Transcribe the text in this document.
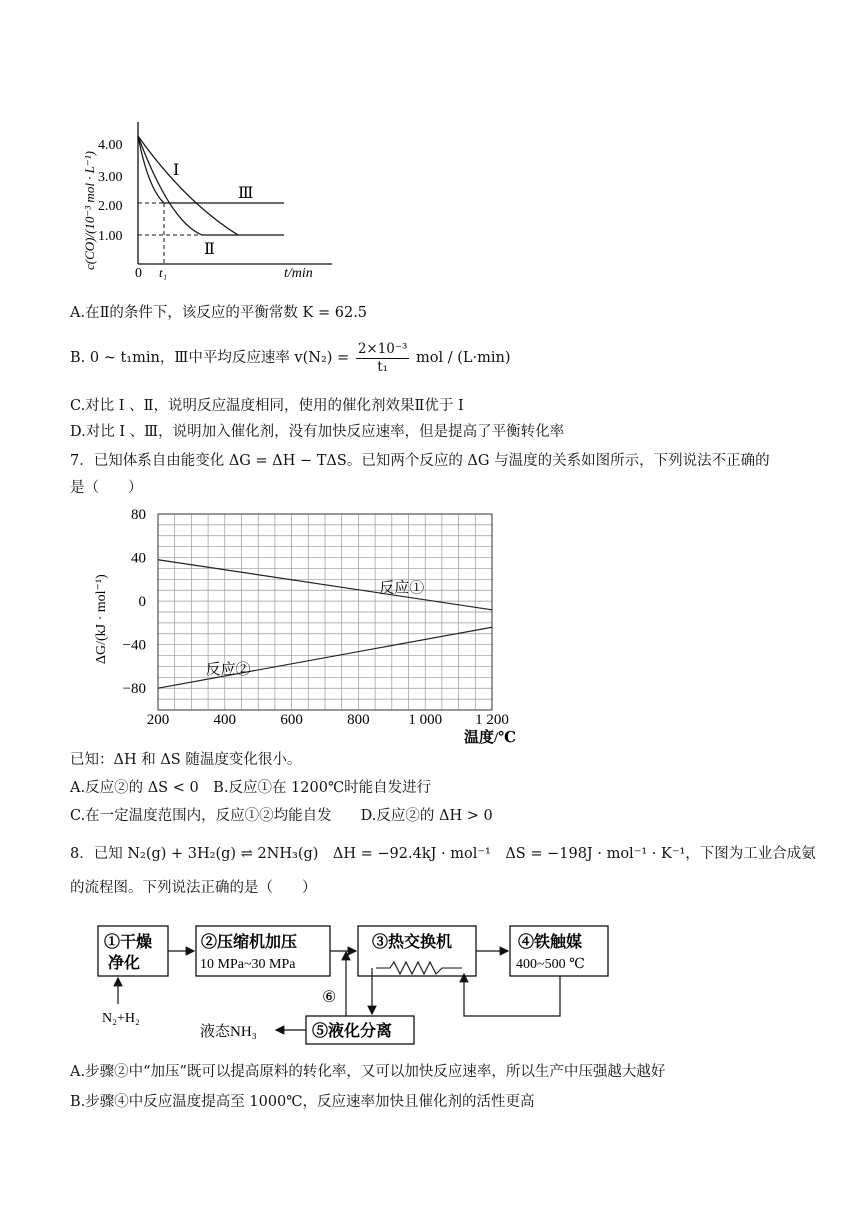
c(CO)/(10⁻³ mol · L⁻¹)
4.00
3.00
2.00
1.00
0 t₁	t/min
Ⅰ
Ⅱ
Ⅲ
A.在Ⅱ的条件下，该反应的平衡常数 K = 62.5
B. 0 ~ t₁min，Ⅲ中平均反应速率 $v(N_2) = \frac{\text{2×10⁻³}}{\text{t₁}}$ mol / (L·min)
C.对比 Ⅰ 、Ⅱ，说明反应温度相同，使用的催化剂效果Ⅱ优于 Ⅰ
D.对比 Ⅰ 、Ⅲ，说明加入催化剂，没有加快反应速率，但是提高了平衡转化率
7．已知体系自由能变化 ΔG = ΔH − TΔS。已知两个反应的 ΔG 与温度的关系如图所示，下列说法不正确的
是（　　）
ΔG/(kJ · mol⁻¹)
80
40
0
−40
−80
200	400	600	800	1 000 1 200
反应①
反应②
温度/℃
已知：ΔH 和 ΔS 随温度变化很小。
A.反应②的 ΔS < 0　B.反应①在 1200℃时能自发进行
C.在一定温度范围内，反应①②均能自发　　D.反应②的 ΔH > 0
8．已知 N₂(g) + 3H₂(g) ⇌ 2NH₃(g)　ΔH = −92.4kJ · mol⁻¹　ΔS = −198J · mol⁻¹ · K⁻¹，下图为工业合成氨
的流程图。下列说法正确的是（　　）
①干燥
净化
②压缩机加压
10 MPa~30 MPa
③热交换机	④铁触媒
400~500 ℃
⑤液化分离
N₂+H₂
⑥
液态NH₃
A.步骤②中“加压”既可以提高原料的转化率，又可以加快反应速率，所以生产中压强越大越好
B.步骤④中反应温度提高至 1000℃，反应速率加快且催化剂的活性更高
